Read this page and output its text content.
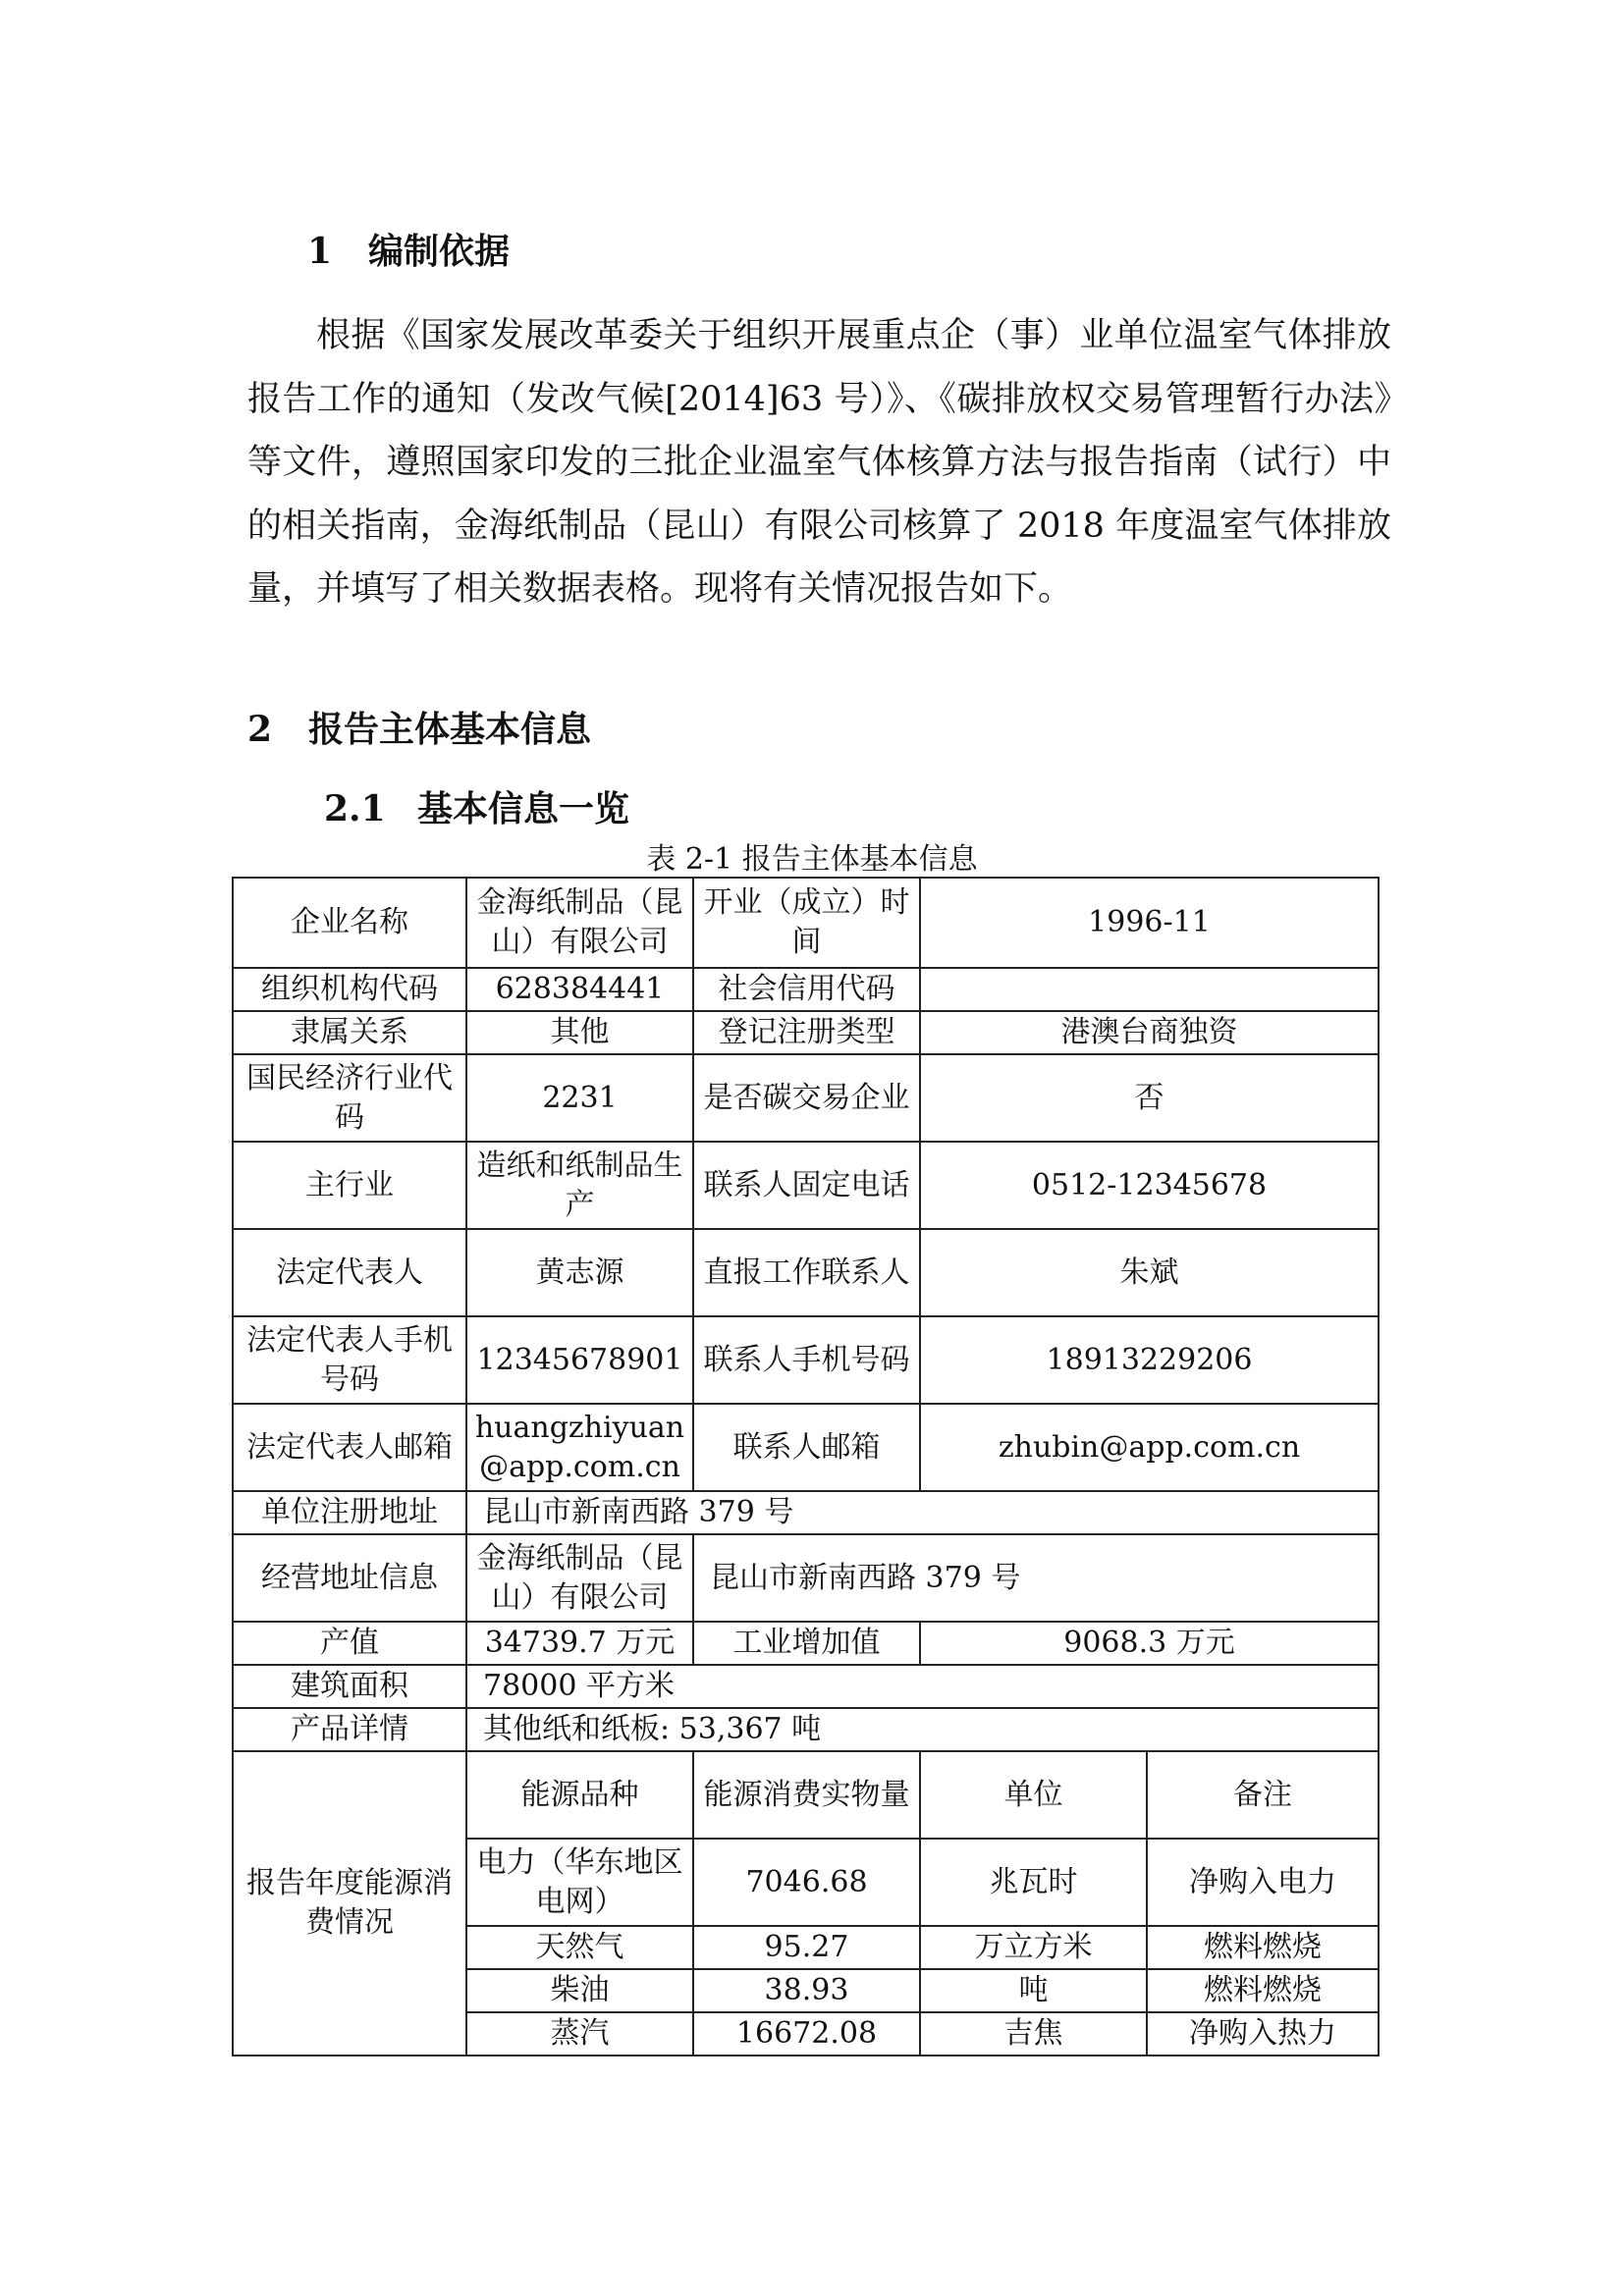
1 编制依据

根据《国家发展改革委关于组织开展重点企（事）业单位温室气体排放报告工作的通知（发改气候[2014]63 号）》、《碳排放权交易管理暂行办法》等文件，遵照国家印发的三批企业温室气体核算方法与报告指南（试行）中的相关指南，金海纸制品（昆山）有限公司核算了 2018 年度温室气体排放量，并填写了相关数据表格。现将有关情况报告如下。

2 报告主体基本信息
2.1 基本信息一览
表 2-1 报告主体基本信息
企业名称	金海纸制品（昆山）有限公司	开业（成立）时间	1996-11	
组织机构代码	628384441	社会信用代码		
隶属关系	其他	登记注册类型	港澳台商独资	
国民经济行业代码	2231	是否碳交易企业	否	
主行业	造纸和纸制品生产	联系人固定电话	0512-12345678	
法定代表人	黄志源	直报工作联系人	朱斌	
法定代表人手机号码	12345678901	联系人手机号码	18913229206	
法定代表人邮箱	huangzhiyuan@app.com.cn	联系人邮箱	zhubin@app.com.cn	
单位注册地址	昆山市新南西路 379 号			
经营地址信息	金海纸制品（昆山）有限公司	昆山市新南西路 379 号		
产值	34739.7 万元	工业增加值	9068.3 万元	
建筑面积	78000 平方米			
产品详情	其他纸和纸板: 53,367 吨			
报告年度能源消费情况	能源品种	能源消费实物量	单位	备注
	电力（华东地区电网）	7046.68	兆瓦时	净购入电力
	天然气	95.27	万立方米	燃料燃烧
	柴油	38.93	吨	燃料燃烧
	蒸汽	16672.08	吉焦	净购入热力
